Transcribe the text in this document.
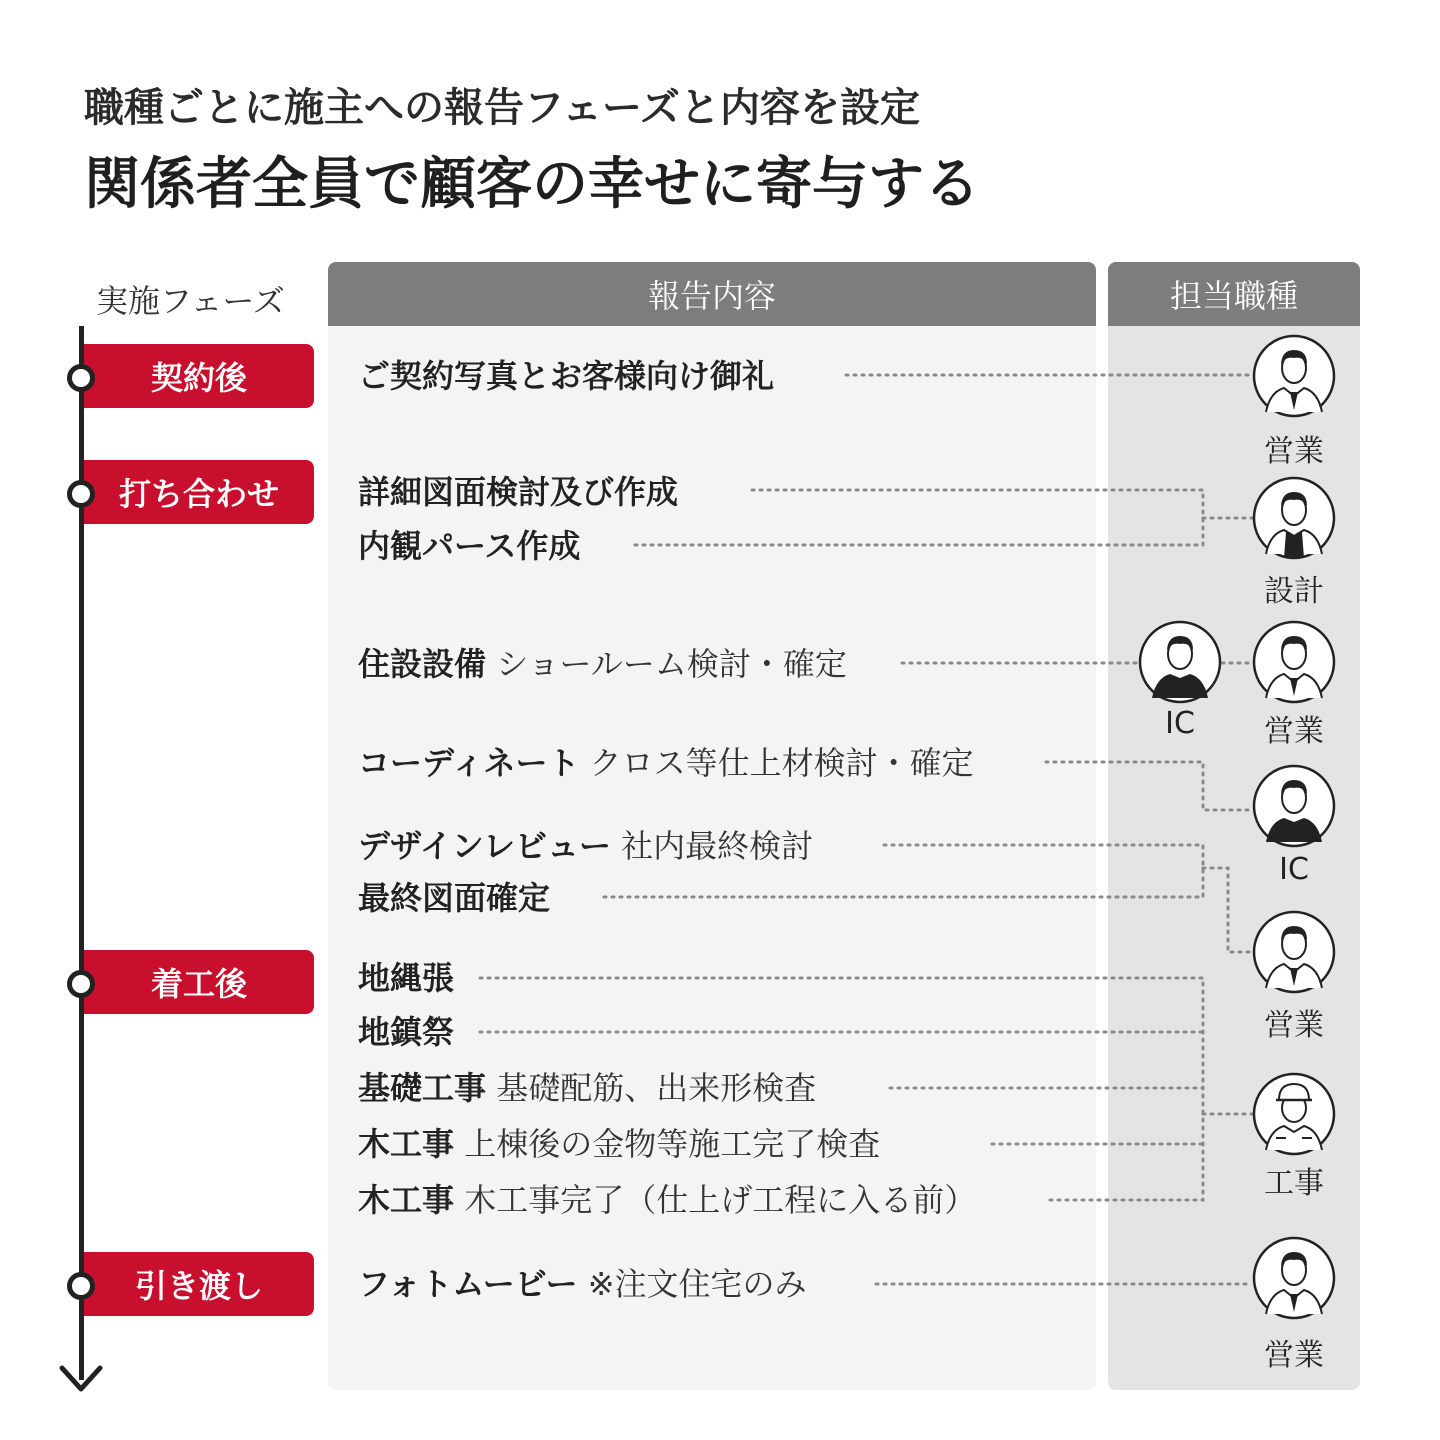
職種ごとに施主への報告フェーズと内容を設定
関係者全員で顧客の幸せに寄与する
報告内容	担当職種
実施フェーズ
契約後
打ち合わせ
着工後
引き渡し
ご契約写真とお客様向け御礼
詳細図面検討及び作成
内観パース作成
住設設備 ショールーム検討・確定
コーディネート クロス等仕上材検討・確定
デザインレビュー 社内最終検討
最終図面確定
地縄張
地鎮祭
基礎工事 基礎配筋、出来形検査
木工事 上棟後の金物等施工完了検査
木工事 木工事完了（仕上げ工程に入る前）
フォトムービー ※注文住宅のみ
営業
設計
IC	営業
IC
営業
工事
営業
